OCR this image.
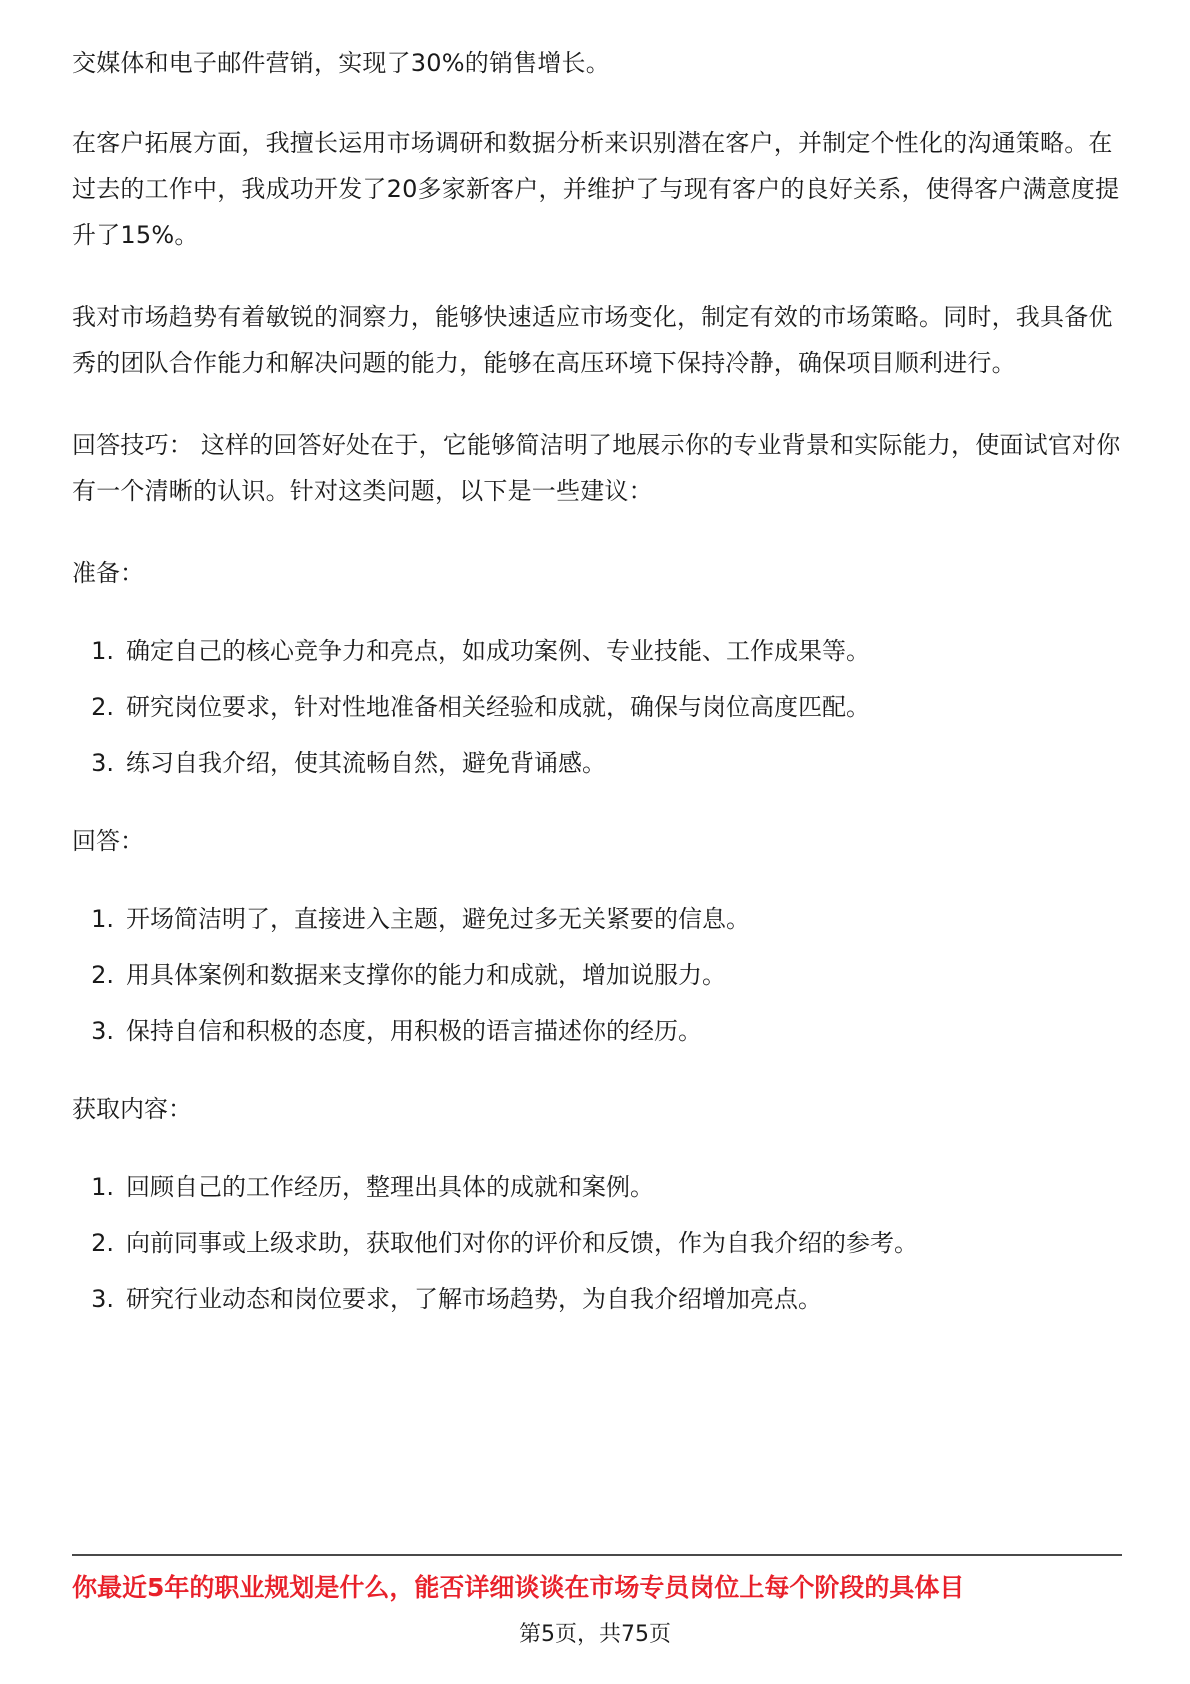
交媒体和电子邮件营销，实现了30%的销售增长。

在客户拓展方面，我擅长运用市场调研和数据分析来识别潜在客户，并制定个性化的沟通策略。在过去的工作中，我成功开发了20多家新客户，并维护了与现有客户的良好关系，使得客户满意度提升了15%。

我对市场趋势有着敏锐的洞察力，能够快速适应市场变化，制定有效的市场策略。同时，我具备优秀的团队合作能力和解决问题的能力，能够在高压环境下保持冷静，确保项目顺利进行。

回答技巧： 这样的回答好处在于，它能够简洁明了地展示你的专业背景和实际能力，使面试官对你有一个清晰的认识。针对这类问题，以下是一些建议：

准备：

1. 确定自己的核心竞争力和亮点，如成功案例、专业技能、工作成果等。
2. 研究岗位要求，针对性地准备相关经验和成就，确保与岗位高度匹配。
3. 练习自我介绍，使其流畅自然，避免背诵感。

回答：

1. 开场简洁明了，直接进入主题，避免过多无关紧要的信息。
2. 用具体案例和数据来支撑你的能力和成就，增加说服力。
3. 保持自信和积极的态度，用积极的语言描述你的经历。

获取内容：

1. 回顾自己的工作经历，整理出具体的成就和案例。
2. 向前同事或上级求助，获取他们对你的评价和反馈，作为自我介绍的参考。
3. 研究行业动态和岗位要求，了解市场趋势，为自我介绍增加亮点。
你最近5年的职业规划是什么，能否详细谈谈在市场专员岗位上每个阶段的具体目
第5页，共75页
